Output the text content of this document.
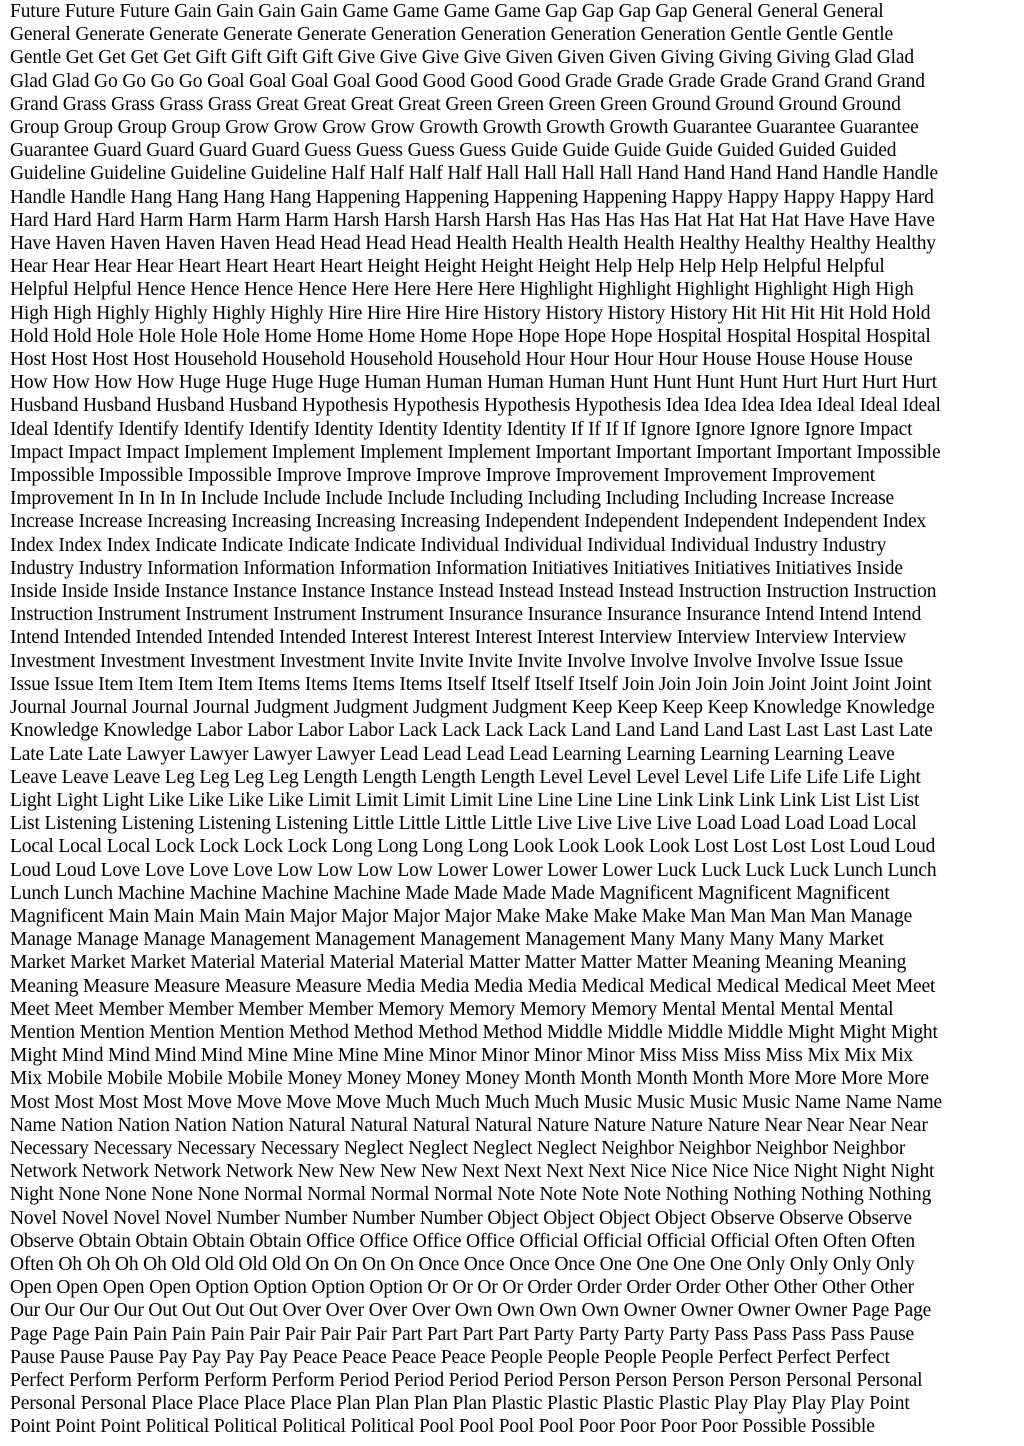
Future Future Future Gain Gain Gain Gain Game Game Game Game Gap Gap Gap Gap General General General
General Generate Generate Generate Generate Generation Generation Generation Generation Gentle Gentle Gentle
Gentle Get Get Get Get Gift Gift Gift Gift Give Give Give Give Given Given Given Giving Giving Giving Glad Glad
Glad Glad Go Go Go Go Goal Goal Goal Goal Good Good Good Good Grade Grade Grade Grade Grand Grand Grand
Grand Grass Grass Grass Grass Great Great Great Great Green Green Green Green Ground Ground Ground Ground
Group Group Group Group Grow Grow Grow Grow Growth Growth Growth Growth Guarantee Guarantee Guarantee
Guarantee Guard Guard Guard Guard Guess Guess Guess Guess Guide Guide Guide Guide Guided Guided Guided
Guideline Guideline Guideline Guideline Half Half Half Half Hall Hall Hall Hall Hand Hand Hand Hand Handle Handle
Handle Handle Hang Hang Hang Hang Happening Happening Happening Happening Happy Happy Happy Happy Hard
Hard Hard Hard Harm Harm Harm Harm Harsh Harsh Harsh Harsh Has Has Has Has Hat Hat Hat Hat Have Have Have
Have Haven Haven Haven Haven Head Head Head Head Health Health Health Health Healthy Healthy Healthy Healthy
Hear Hear Hear Hear Heart Heart Heart Heart Height Height Height Height Help Help Help Help Helpful Helpful
Helpful Helpful Hence Hence Hence Hence Here Here Here Here Highlight Highlight Highlight Highlight High High
High High Highly Highly Highly Highly Hire Hire Hire Hire History History History History Hit Hit Hit Hit Hold Hold
Hold Hold Hole Hole Hole Hole Home Home Home Home Hope Hope Hope Hope Hospital Hospital Hospital Hospital
Host Host Host Host Household Household Household Household Hour Hour Hour Hour House House House House
How How How How Huge Huge Huge Huge Human Human Human Human Hunt Hunt Hunt Hunt Hurt Hurt Hurt Hurt
Husband Husband Husband Husband Hypothesis Hypothesis Hypothesis Hypothesis Idea Idea Idea Idea Ideal Ideal Ideal
Ideal Identify Identify Identify Identify Identity Identity Identity Identity If If If If Ignore Ignore Ignore Ignore Impact
Impact Impact Impact Implement Implement Implement Implement Important Important Important Important Impossible
Impossible Impossible Impossible Improve Improve Improve Improve Improvement Improvement Improvement
Improvement In In In In Include Include Include Include Including Including Including Including Increase Increase
Increase Increase Increasing Increasing Increasing Increasing Independent Independent Independent Independent Index
Index Index Index Indicate Indicate Indicate Indicate Individual Individual Individual Individual Industry Industry
Industry Industry Information Information Information Information Initiatives Initiatives Initiatives Initiatives Inside
Inside Inside Inside Instance Instance Instance Instance Instead Instead Instead Instead Instruction Instruction Instruction
Instruction Instrument Instrument Instrument Instrument Insurance Insurance Insurance Insurance Intend Intend Intend
Intend Intended Intended Intended Intended Interest Interest Interest Interest Interview Interview Interview Interview
Investment Investment Investment Investment Invite Invite Invite Invite Involve Involve Involve Involve Issue Issue
Issue Issue Item Item Item Item Items Items Items Items Itself Itself Itself Itself Join Join Join Join Joint Joint Joint Joint
Journal Journal Journal Journal Judgment Judgment Judgment Judgment Keep Keep Keep Keep Knowledge Knowledge
Knowledge Knowledge Labor Labor Labor Labor Lack Lack Lack Lack Land Land Land Land Last Last Last Last Late
Late Late Late Lawyer Lawyer Lawyer Lawyer Lead Lead Lead Lead Learning Learning Learning Learning Leave
Leave Leave Leave Leg Leg Leg Leg Length Length Length Length Level Level Level Level Life Life Life Life Light
Light Light Light Like Like Like Like Limit Limit Limit Limit Line Line Line Line Link Link Link Link List List List
List Listening Listening Listening Listening Little Little Little Little Live Live Live Live Load Load Load Load Local
Local Local Local Lock Lock Lock Lock Long Long Long Long Look Look Look Look Lost Lost Lost Lost Loud Loud
Loud Loud Love Love Love Love Low Low Low Low Lower Lower Lower Lower Luck Luck Luck Luck Lunch Lunch
Lunch Lunch Machine Machine Machine Machine Made Made Made Made Magnificent Magnificent Magnificent
Magnificent Main Main Main Main Major Major Major Major Make Make Make Make Man Man Man Man Manage
Manage Manage Manage Management Management Management Management Many Many Many Many Market
Market Market Market Material Material Material Material Matter Matter Matter Matter Meaning Meaning Meaning
Meaning Measure Measure Measure Measure Media Media Media Media Medical Medical Medical Medical Meet Meet
Meet Meet Member Member Member Member Memory Memory Memory Memory Mental Mental Mental Mental
Mention Mention Mention Mention Method Method Method Method Middle Middle Middle Middle Might Might Might
Might Mind Mind Mind Mind Mine Mine Mine Mine Minor Minor Minor Minor Miss Miss Miss Miss Mix Mix Mix
Mix Mobile Mobile Mobile Mobile Money Money Money Money Month Month Month Month More More More More
Most Most Most Most Move Move Move Move Much Much Much Much Music Music Music Music Name Name Name
Name Nation Nation Nation Nation Natural Natural Natural Natural Nature Nature Nature Nature Near Near Near Near
Necessary Necessary Necessary Necessary Neglect Neglect Neglect Neglect Neighbor Neighbor Neighbor Neighbor
Network Network Network Network New New New New Next Next Next Next Nice Nice Nice Nice Night Night Night
Night None None None None Normal Normal Normal Normal Note Note Note Note Nothing Nothing Nothing Nothing
Novel Novel Novel Novel Number Number Number Number Object Object Object Object Observe Observe Observe
Observe Obtain Obtain Obtain Obtain Office Office Office Office Official Official Official Official Often Often Often
Often Oh Oh Oh Oh Old Old Old Old On On On On Once Once Once Once One One One One Only Only Only Only
Open Open Open Open Option Option Option Option Or Or Or Or Order Order Order Order Other Other Other Other
Our Our Our Our Out Out Out Out Over Over Over Over Own Own Own Own Owner Owner Owner Owner Page Page
Page Page Pain Pain Pain Pain Pair Pair Pair Pair Part Part Part Part Party Party Party Party Pass Pass Pass Pass Pause
Pause Pause Pause Pay Pay Pay Pay Peace Peace Peace Peace People People People People Perfect Perfect Perfect
Perfect Perform Perform Perform Perform Period Period Period Period Person Person Person Person Personal Personal
Personal Personal Place Place Place Place Plan Plan Plan Plan Plastic Plastic Plastic Plastic Play Play Play Play Point
Point Point Point Political Political Political Political Pool Pool Pool Pool Poor Poor Poor Poor Possible Possible
